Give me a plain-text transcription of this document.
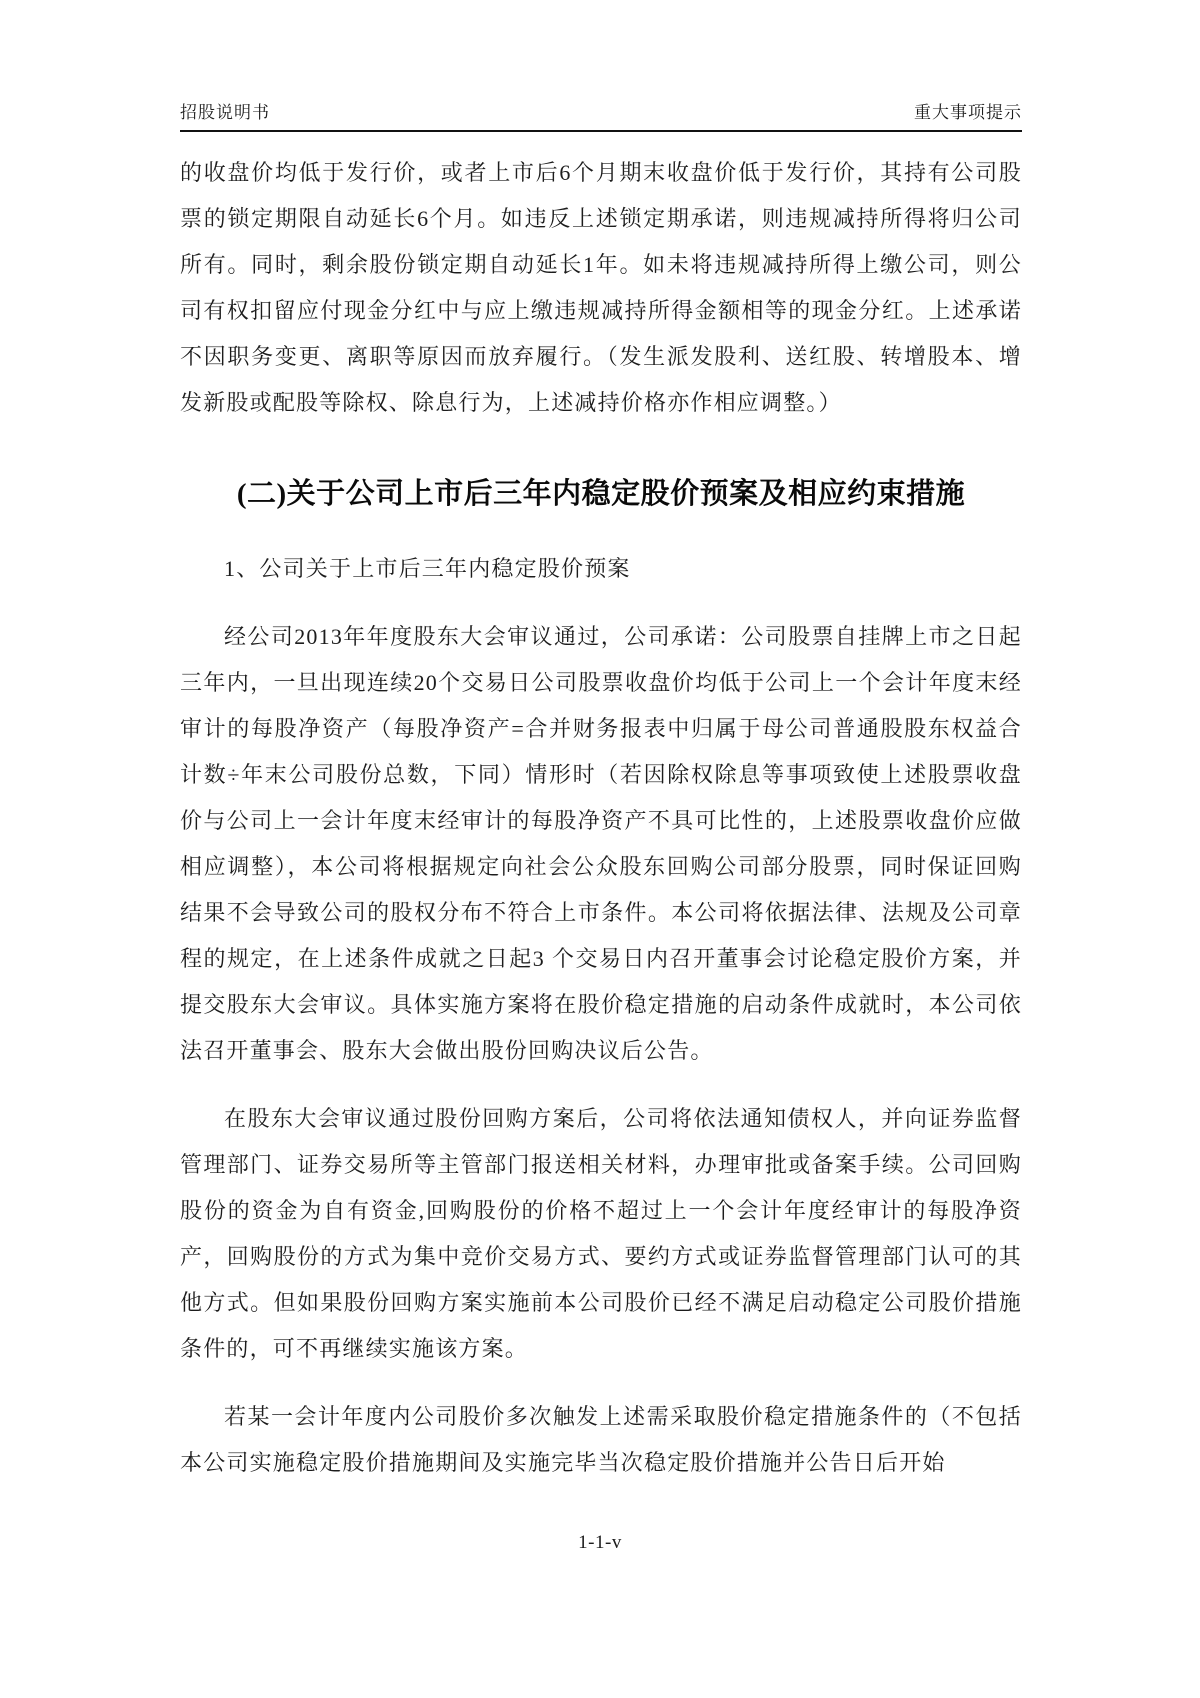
招股说明书	重大事项提示

的收盘价均低于发行价，或者上市后6个月期末收盘价低于发行价，其持有公司股票的锁定期限自动延长6个月。如违反上述锁定期承诺，则违规减持所得将归公司所有。同时，剩余股份锁定期自动延长1年。如未将违规减持所得上缴公司，则公司有权扣留应付现金分红中与应上缴违规减持所得金额相等的现金分红。上述承诺不因职务变更、离职等原因而放弃履行。（发生派发股利、送红股、转增股本、增发新股或配股等除权、除息行为，上述减持价格亦作相应调整。）

(二)关于公司上市后三年内稳定股价预案及相应约束措施
1、公司关于上市后三年内稳定股价预案

经公司2013年年度股东大会审议通过，公司承诺：公司股票自挂牌上市之日起三年内，一旦出现连续20个交易日公司股票收盘价均低于公司上一个会计年度末经审计的每股净资产（每股净资产=合并财务报表中归属于母公司普通股股东权益合计数÷年末公司股份总数，下同）情形时（若因除权除息等事项致使上述股票收盘价与公司上一会计年度末经审计的每股净资产不具可比性的，上述股票收盘价应做相应调整），本公司将根据规定向社会公众股东回购公司部分股票，同时保证回购结果不会导致公司的股权分布不符合上市条件。本公司将依据法律、法规及公司章程的规定，在上述条件成就之日起3 个交易日内召开董事会讨论稳定股价方案，并提交股东大会审议。具体实施方案将在股价稳定措施的启动条件成就时，本公司依法召开董事会、股东大会做出股份回购决议后公告。

在股东大会审议通过股份回购方案后，公司将依法通知债权人，并向证券监督管理部门、证券交易所等主管部门报送相关材料，办理审批或备案手续。公司回购股份的资金为自有资金,回购股份的价格不超过上一个会计年度经审计的每股净资产，回购股份的方式为集中竞价交易方式、要约方式或证券监督管理部门认可的其他方式。但如果股份回购方案实施前本公司股价已经不满足启动稳定公司股价措施条件的，可不再继续实施该方案。

若某一会计年度内公司股价多次触发上述需采取股价稳定措施条件的（不包括本公司实施稳定股价措施期间及实施完毕当次稳定股价措施并公告日后开始

1-1-v
